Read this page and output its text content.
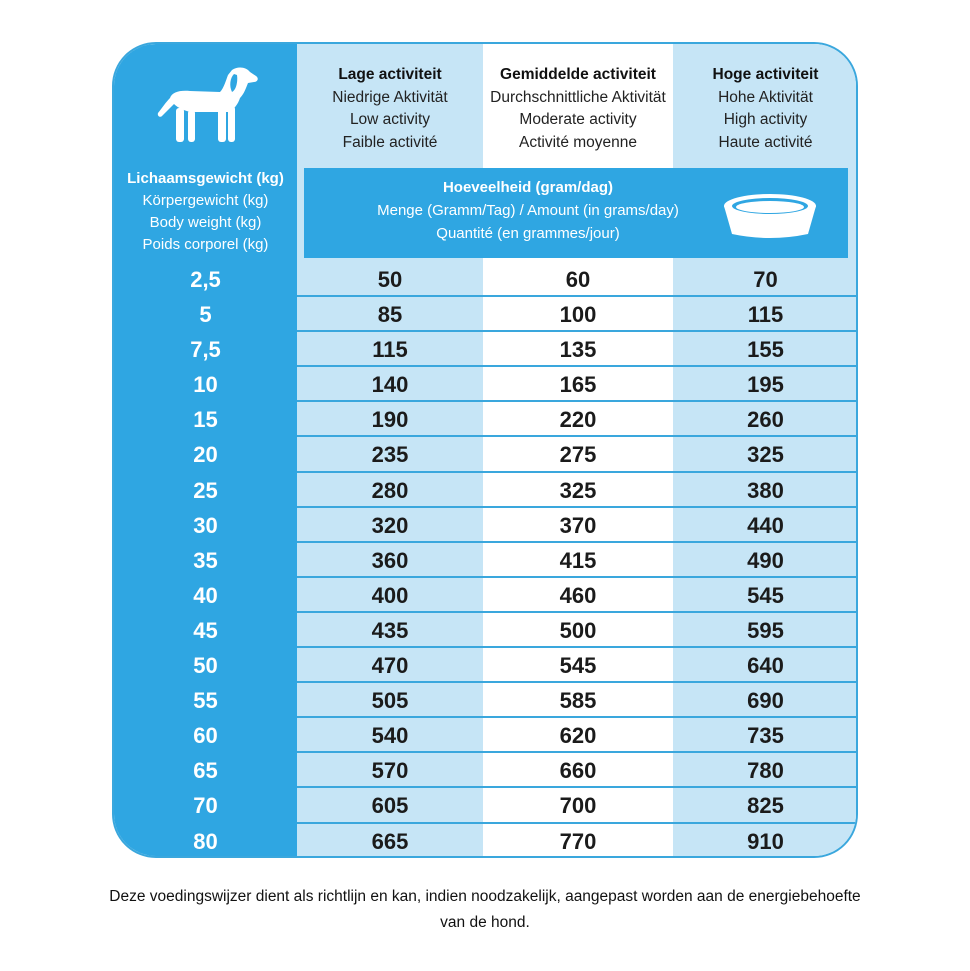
Lichaamsgewicht (kg)
Körpergewicht (kg)
Body weight (kg)
Poids corporel (kg)
Lage activiteit
Niedrige Aktivität
Low activity
Faible activité
Gemiddelde activiteit
Durchschnittliche Aktivität
Moderate activity
Activité moyenne
Hoge activiteit
Hohe Aktivität
High activity
Haute activité
Hoeveelheid (gram/dag)
Menge (Gramm/Tag) / Amount (in grams/day)
Quantité (en grammes/jour)
2,5	50	60	70
5	85	100	115
7,5	115	135	155
10	140	165	195
15	190	220	260
20	235	275	325
25	280	325	380
30	320	370	440
35	360	415	490
40	400	460	545
45	435	500	595
50	470	545	640
55	505	585	690
60	540	620	735
65	570	660	780
70	605	700	825
80	665	770	910
Deze voedingswijzer dient als richtlijn en kan, indien noodzakelijk, aangepast worden aan de energiebehoefte van de hond.
